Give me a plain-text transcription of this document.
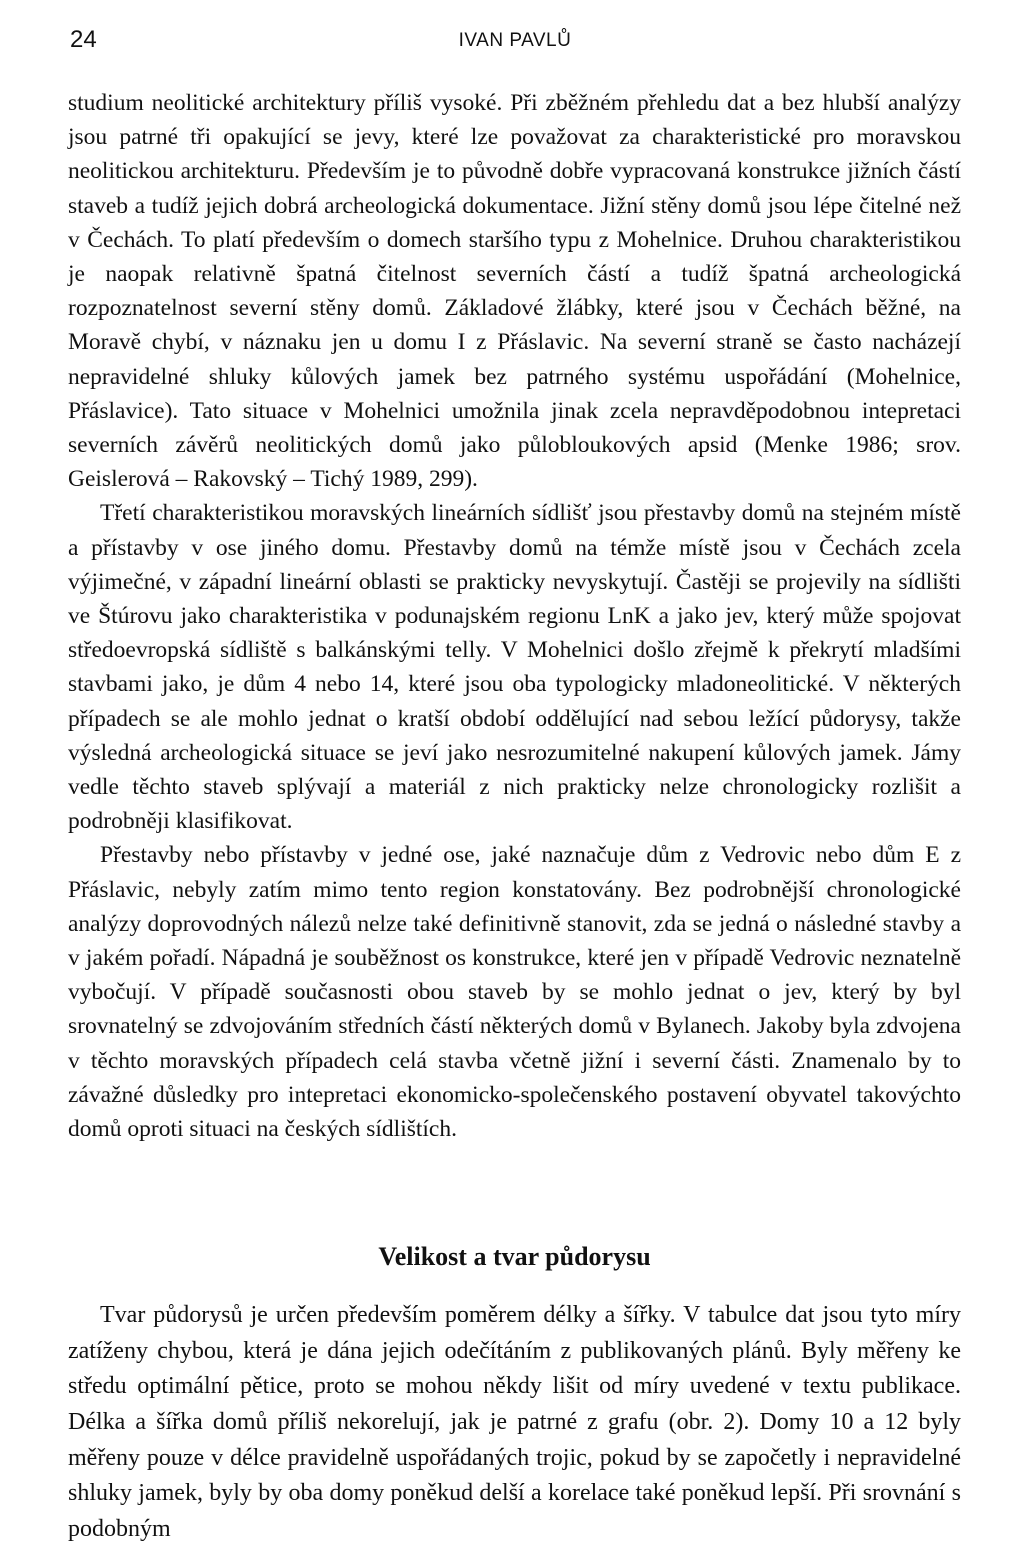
24	IVAN PAVLŮ

studium neolitické architektury příliš vysoké. Při zběžném přehledu dat a bez hlubší analýzy jsou patrné tři opakující se jevy, které lze považovat za charakteristické pro moravskou neolitickou architekturu. Především je to původně dobře vypracovaná konstrukce jižních částí staveb a tudíž jejich dobrá archeologická dokumentace. Jižní stěny domů jsou lépe čitelné než v Čechách. To platí především o domech staršího typu z Mohelnice. Druhou charakteristikou je naopak relativně špatná čitelnost severních částí a tudíž špatná archeologická rozpoznatelnost severní stěny domů. Základové žlábky, které jsou v Čechách běžné, na Moravě chybí, v náznaku jen u domu I z Přáslavic. Na severní straně se často nacházejí nepravidelné shluky kůlových jamek bez patrného systému uspořádání (Mohelnice, Přáslavice). Tato situace v Mohelnici umožnila jinak zcela nepravděpodobnou intepretaci severních závěrů neolitických domů jako půlobloukových apsid (Menke 1986; srov. Geislerová – Rakovský – Tichý 1989, 299).

Třetí charakteristikou moravských lineárních sídlišť jsou přestavby domů na stejném místě a přístavby v ose jiného domu. Přestavby domů na témže místě jsou v Čechách zcela výjimečné, v západní lineární oblasti se prakticky nevyskytují. Častěji se projevily na sídlišti ve Štúrovu jako charakteristika v podunajském regionu LnK a jako jev, který může spojovat středoevropská sídliště s balkánskými telly. V Mohelnici došlo zřejmě k překrytí mladšími stavbami jako, je dům 4 nebo 14, které jsou oba typologicky mladoneolitické. V některých případech se ale mohlo jednat o kratší období oddělující nad sebou ležící půdorysy, takže výsledná archeologická situace se jeví jako nesrozumitelné nakupení kůlových jamek. Jámy vedle těchto staveb splývají a materiál z nich prakticky nelze chronologicky rozlišit a podrobněji klasifikovat.

Přestavby nebo přístavby v jedné ose, jaké naznačuje dům z Vedrovic nebo dům E z Přáslavic, nebyly zatím mimo tento region konstatovány. Bez podrobnější chronologické analýzy doprovodných nálezů nelze také definitivně stanovit, zda se jedná o následné stavby a v jakém pořadí. Nápadná je souběžnost os konstrukce, které jen v případě Vedrovic neznatelně vybočují. V případě současnosti obou staveb by se mohlo jednat o jev, který by byl srovnatelný se zdvojováním středních částí některých domů v Bylanech. Jakoby byla zdvojena v těchto moravských případech celá stavba včetně jižní i severní části. Znamenalo by to závažné důsledky pro intepretaci ekonomicko-společenského postavení obyvatel takovýchto domů oproti situaci na českých sídlištích.

Velikost a tvar půdorysu

Tvar půdorysů je určen především poměrem délky a šířky. V tabulce dat jsou tyto míry zatíženy chybou, která je dána jejich odečítáním z publikovaných plánů. Byly měřeny ke středu optimální pětice, proto se mohou někdy lišit od míry uvedené v textu publikace. Délka a šířka domů příliš nekorelují, jak je patrné z grafu (obr. 2). Domy 10 a 12 byly měřeny pouze v délce pravidelně uspořádaných trojic, pokud by se započetly i nepravidelné shluky jamek, byly by oba domy poněkud delší a korelace také poněkud lepší. Při srovnání s podobným
